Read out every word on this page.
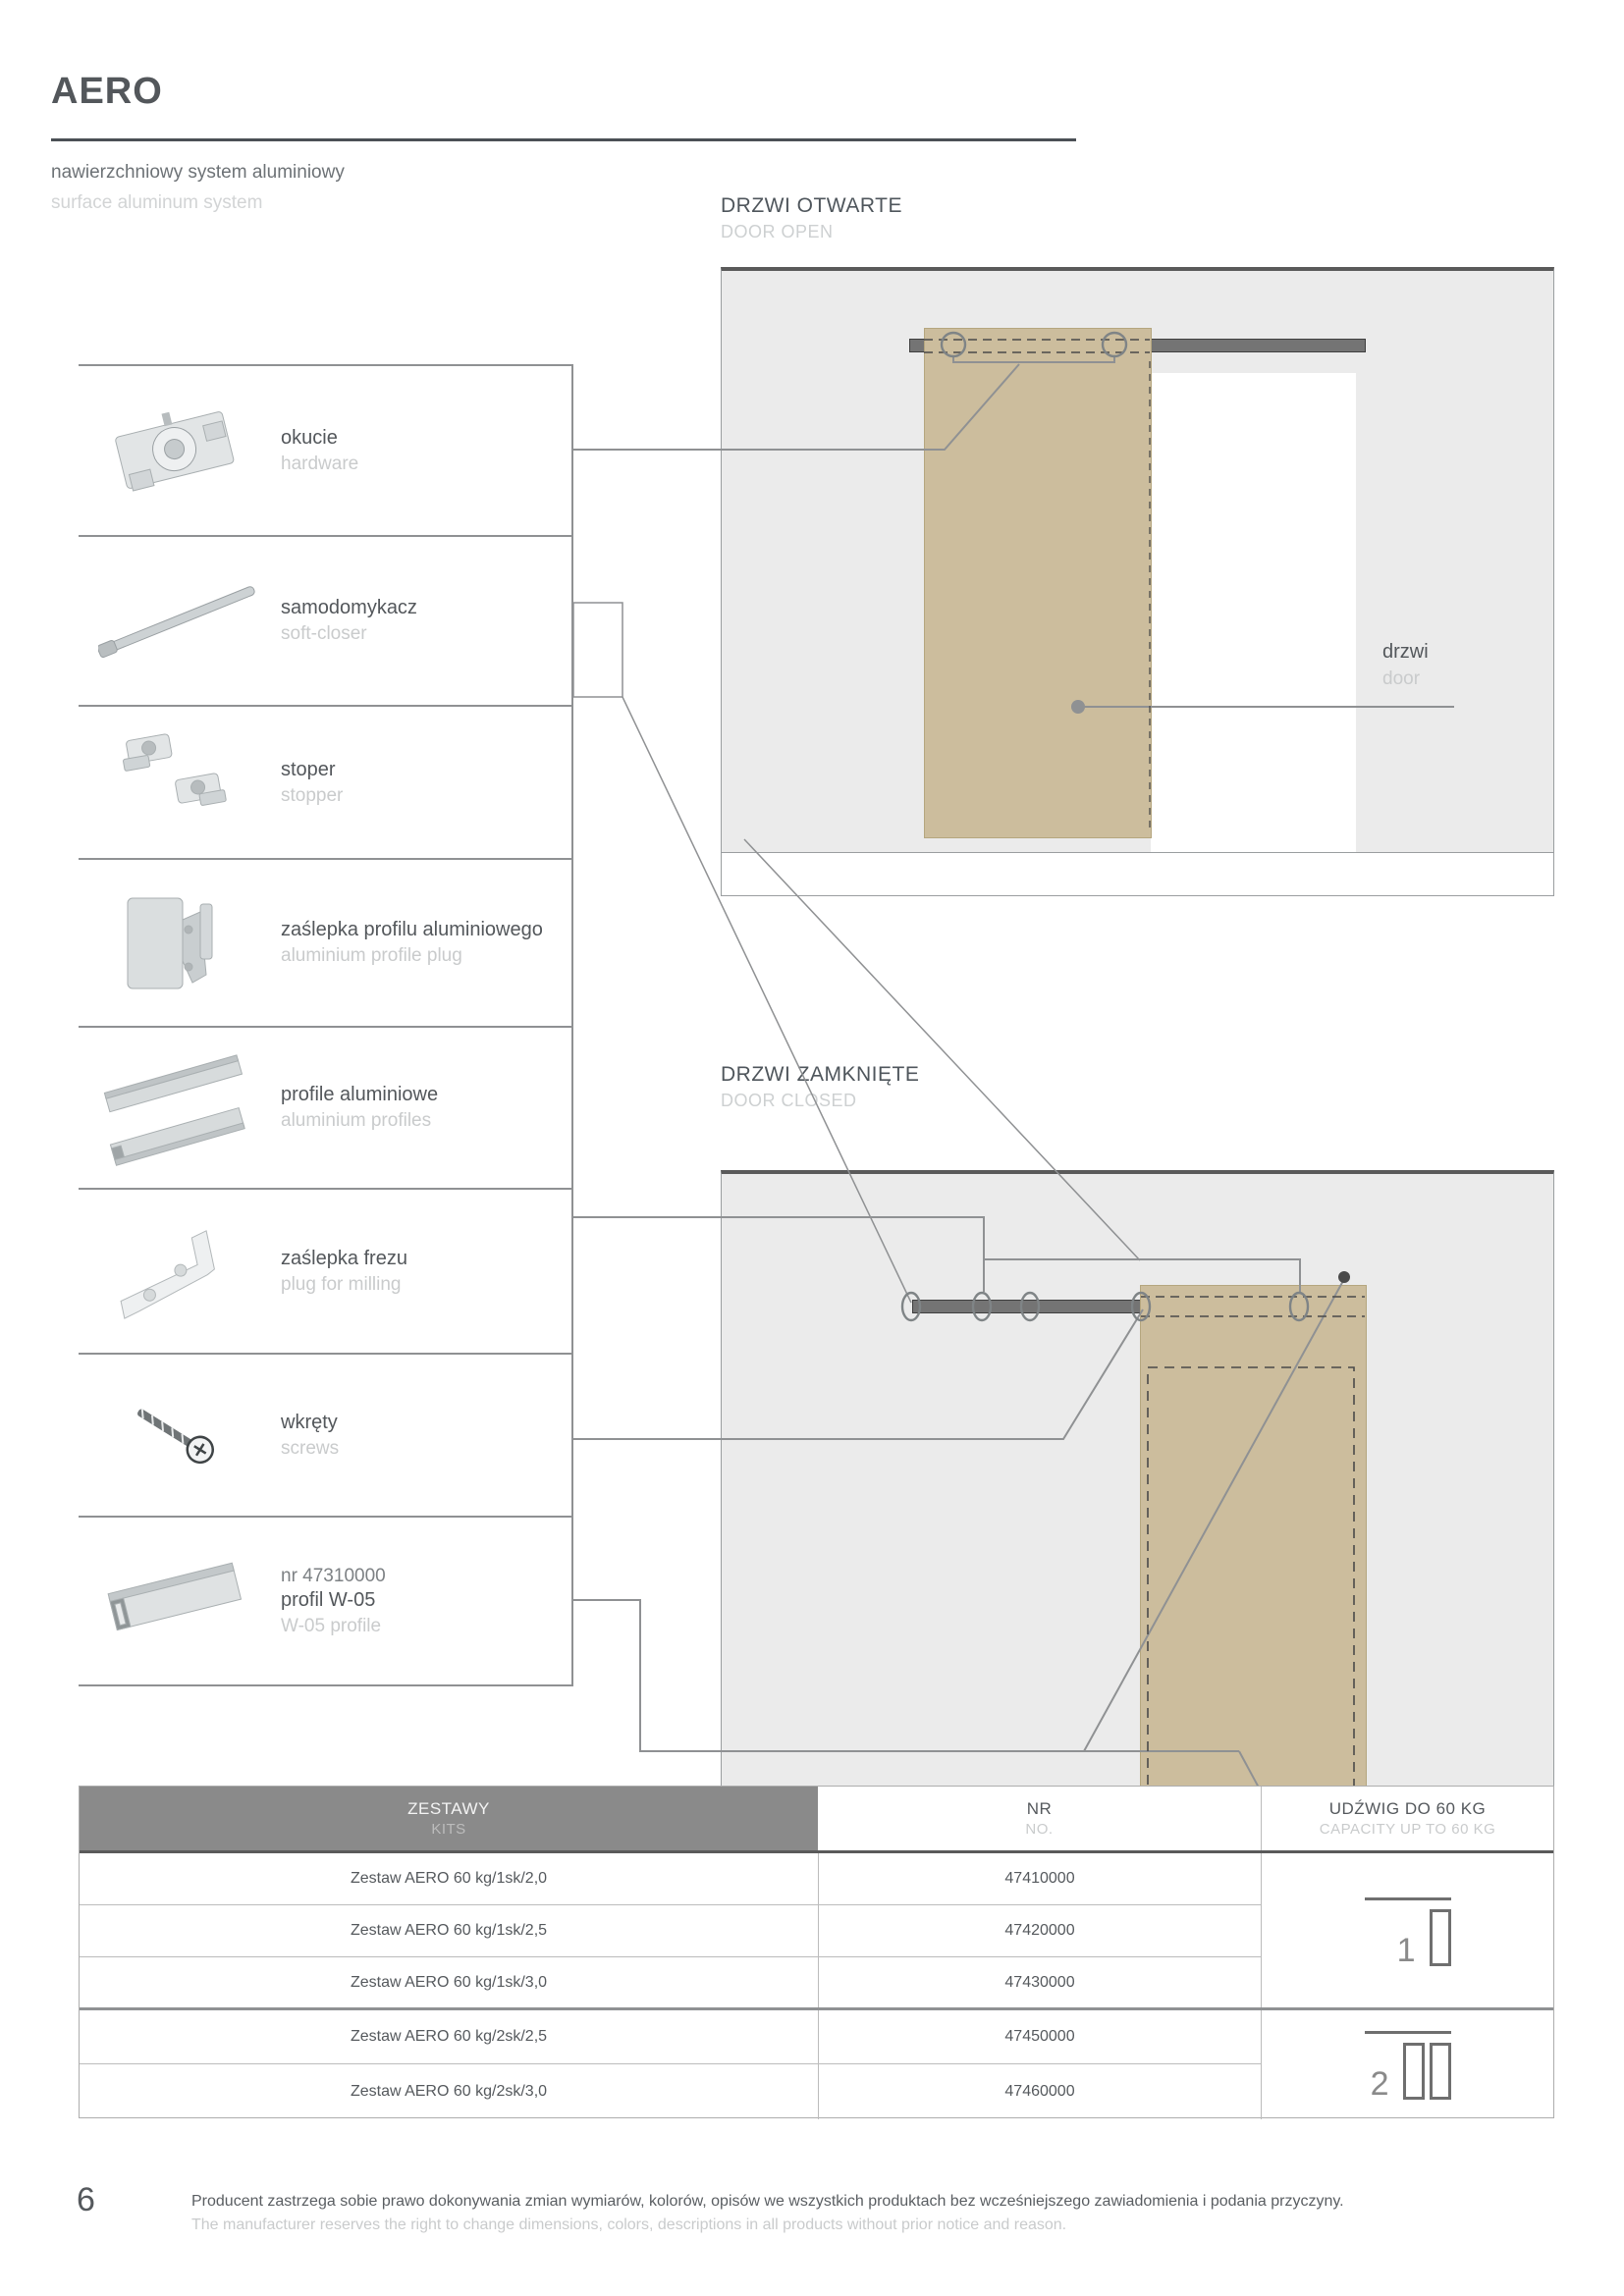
AERO
nawierzchniowy system aluminiowy
surface aluminum system
okucie
hardware
samodomykacz
soft-closer
stoper
stopper
zaślepka profilu aluminiowego
aluminium profile plug
profile aluminiowe
aluminium profiles
zaślepka frezu
plug for milling
wkręty
screws
nr 47310000
profil W-05
W-05 profile
DRZWI OTWARTE
DOOR OPEN
drzwi
door
DRZWI ZAMKNIĘTE
DOOR CLOSED
ZESTAWY
KITS
NR
NO.
UDŹWIG DO 60 KG
CAPACITY UP TO 60 KG
Zestaw AERO 60 kg/1sk/2,0	47410000
Zestaw AERO 60 kg/1sk/2,5	47420000
Zestaw AERO 60 kg/1sk/3,0	47430000
Zestaw AERO 60 kg/2sk/2,5	47450000
Zestaw AERO 60 kg/2sk/3,0	47460000
1
2
6	Producent zastrzega sobie prawo dokonywania zmian wymiarów, kolorów, opisów we wszystkich produktach bez wcześniejszego zawiadomienia i podania przyczyny.
The manufacturer reserves the right to change dimensions, colors, descriptions in all products without prior notice and reason.
